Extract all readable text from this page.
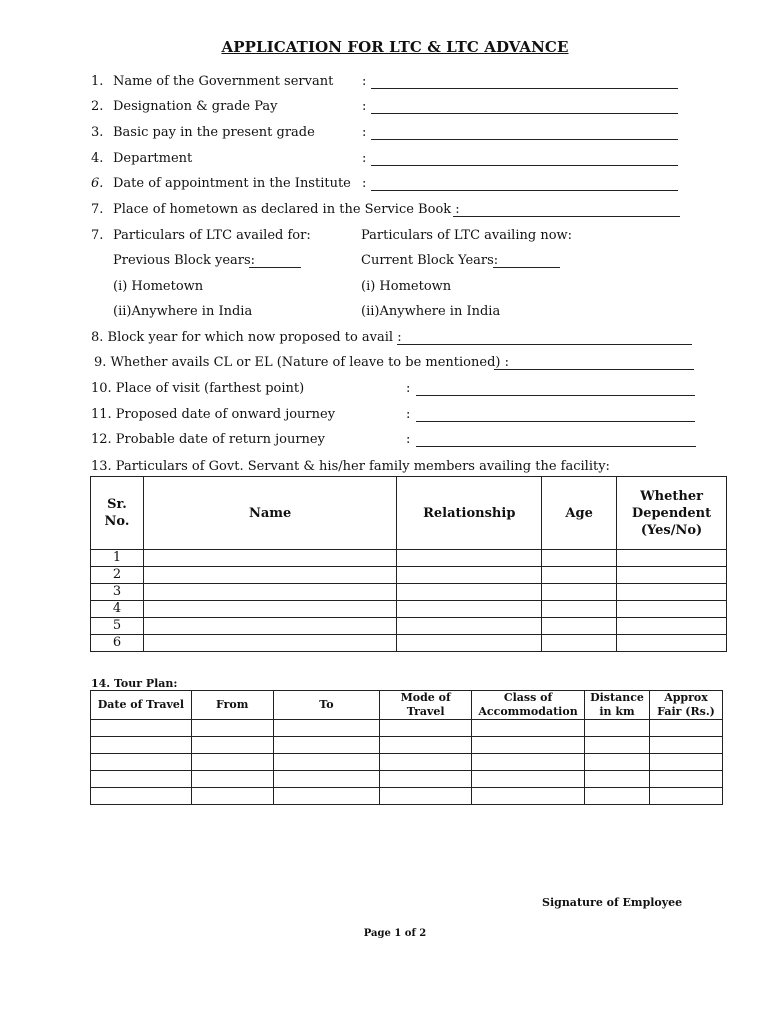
APPLICATION FOR LTC & LTC ADVANCE
1. Name of the Government servant :
2. Designation & grade Pay	:
3. Basic pay in the present grade	:
4. Department	:
6. Date of appointment in the Institute :
7. Place of hometown as declared in the Service Book :
7. Particulars of LTC availed for:	Particulars of LTC availing now:
Previous Block years:	Current Block Years:
(i) Hometown	(i) Hometown
(ii)Anywhere in India	(ii)Anywhere in India
8. Block year for which now proposed to avail :
9. Whether avails CL or EL (Nature of leave to be mentioned) :
10. Place of visit (farthest point)	:
11. Proposed date of onward journey	:
12. Probable date of return journey	:
13. Particulars of Govt. Servant & his/her family members availing the facility:
Sr. No.	Name	Relationship	Age	Whether Dependent (Yes/No)

1				
2				
3				
4				
5				
6				
14. Tour Plan:
Date of Travel	From	To	Mode of Travel	Class of Accommodation	Distance in km	Approx Fair (Rs.)

Signature of Employee
Page 1 of 2
